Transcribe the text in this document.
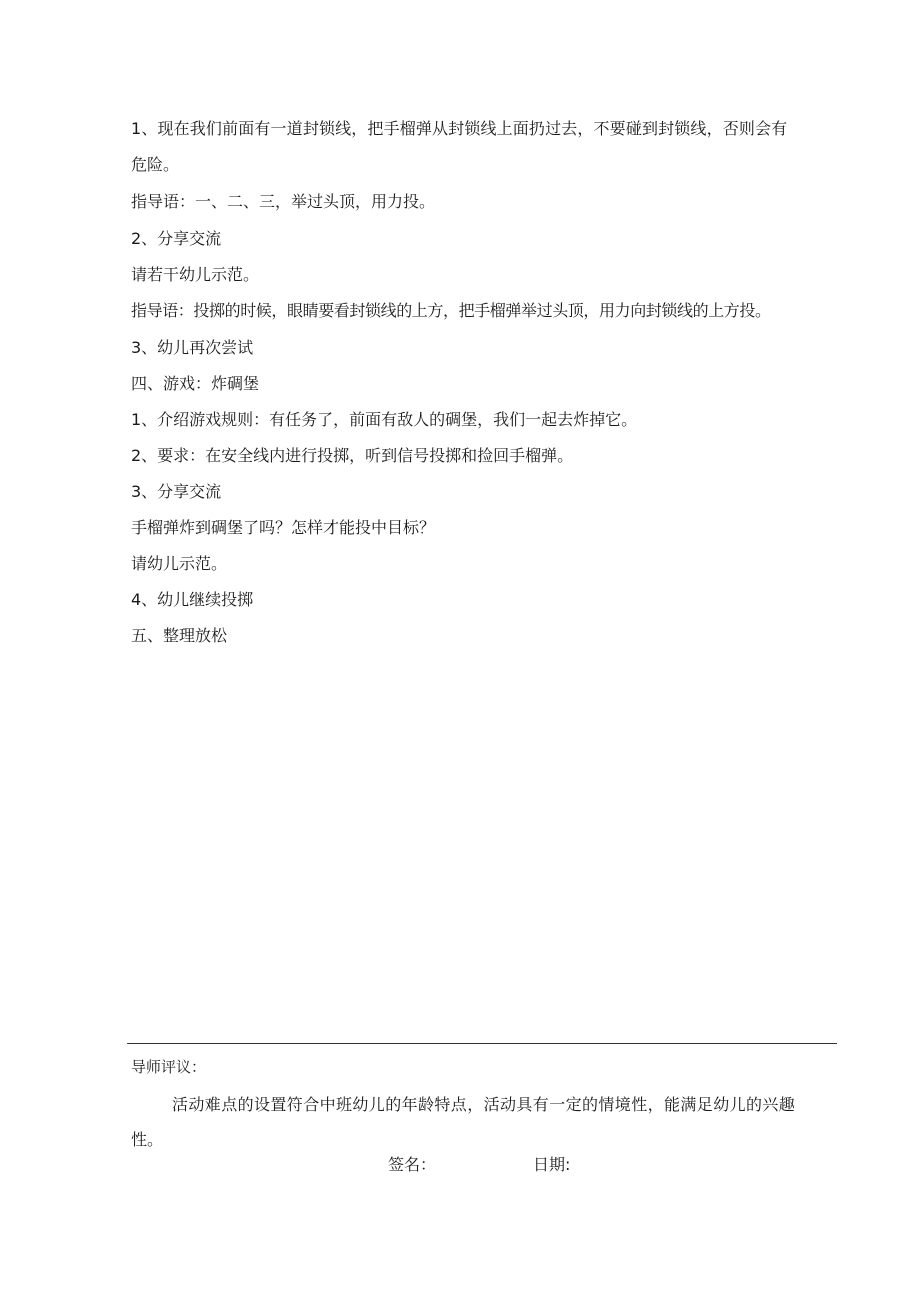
1、现在我们前面有一道封锁线，把手榴弹从封锁线上面扔过去，不要碰到封锁线，否则会有
危险。
指导语：一、二、三，举过头顶，用力投。
2、分享交流
请若干幼儿示范。
指导语：投掷的时候，眼睛要看封锁线的上方，把手榴弹举过头顶，用力向封锁线的上方投。
3、幼儿再次尝试
四、游戏：炸碉堡
1、介绍游戏规则：有任务了，前面有敌人的碉堡，我们一起去炸掉它。
2、要求：在安全线内进行投掷，听到信号投掷和捡回手榴弹。
3、分享交流
手榴弹炸到碉堡了吗？怎样才能投中目标？
请幼儿示范。
4、幼儿继续投掷
五、整理放松
导师评议：
活动难点的设置符合中班幼儿的年龄特点，活动具有一定的情境性，能满足幼儿的兴趣
性。
签名：	日期:
